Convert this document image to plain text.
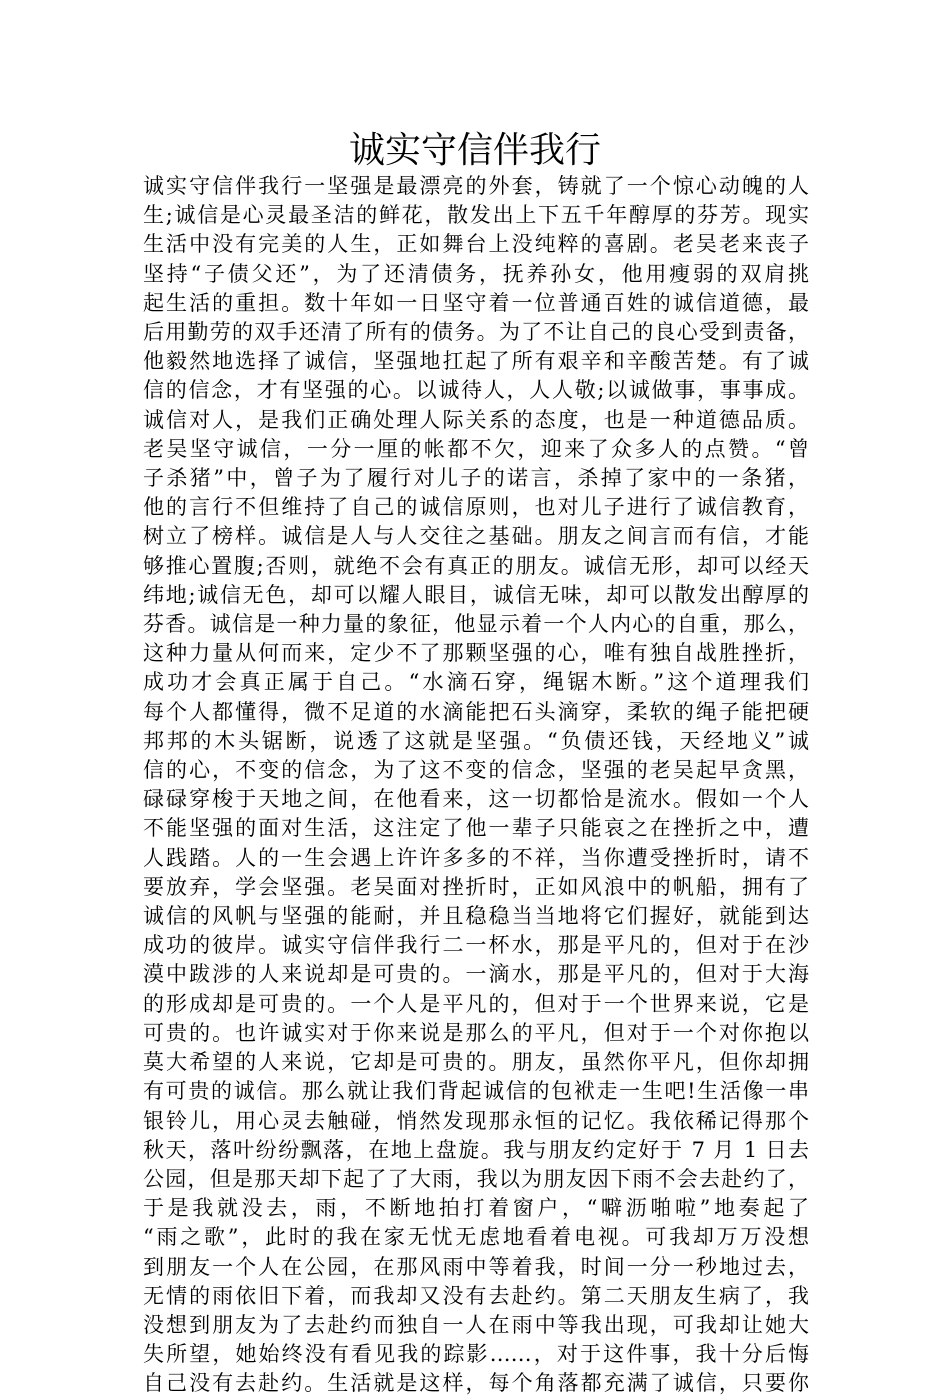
诚实守信伴我行
诚实守信伴我行一坚强是最漂亮的外套，铸就了一个惊心动魄的人
生;诚信是心灵最圣洁的鲜花，散发出上下五千年醇厚的芬芳。现实
生活中没有完美的人生，正如舞台上没纯粹的喜剧。老吴老来丧子
坚持“子债父还”，为了还清债务，抚养孙女，他用瘦弱的双肩挑
起生活的重担。数十年如一日坚守着一位普通百姓的诚信道德，最
后用勤劳的双手还清了所有的债务。为了不让自己的良心受到责备，
他毅然地选择了诚信，坚强地扛起了所有艰辛和辛酸苦楚。有了诚
信的信念，才有坚强的心。以诚待人，人人敬;以诚做事，事事成。
诚信对人，是我们正确处理人际关系的态度，也是一种道德品质。
老吴坚守诚信，一分一厘的帐都不欠，迎来了众多人的点赞。“曾
子杀猪”中，曾子为了履行对儿子的诺言，杀掉了家中的一条猪，
他的言行不但维持了自己的诚信原则，也对儿子进行了诚信教育，
树立了榜样。诚信是人与人交往之基础。朋友之间言而有信，才能
够推心置腹;否则，就绝不会有真正的朋友。诚信无形，却可以经天
纬地;诚信无色，却可以耀人眼目，诚信无味，却可以散发出醇厚的
芬香。诚信是一种力量的象征，他显示着一个人内心的自重，那么，
这种力量从何而来，定少不了那颗坚强的心，唯有独自战胜挫折，
成功才会真正属于自己。“水滴石穿，绳锯木断。”这个道理我们
每个人都懂得，微不足道的水滴能把石头滴穿，柔软的绳子能把硬
邦邦的木头锯断，说透了这就是坚强。“负债还钱，天经地义”诚
信的心，不变的信念，为了这不变的信念，坚强的老吴起早贪黑，
碌碌穿梭于天地之间，在他看来，这一切都恰是流水。假如一个人
不能坚强的面对生活，这注定了他一辈子只能哀之在挫折之中，遭
人践踏。人的一生会遇上许许多多的不祥，当你遭受挫折时，请不
要放弃，学会坚强。老吴面对挫折时，正如风浪中的帆船，拥有了
诚信的风帆与坚强的能耐，并且稳稳当当地将它们握好，就能到达
成功的彼岸。诚实守信伴我行二一杯水，那是平凡的，但对于在沙
漠中跋涉的人来说却是可贵的。一滴水，那是平凡的，但对于大海
的形成却是可贵的。一个人是平凡的，但对于一个世界来说，它是
可贵的。也许诚实对于你来说是那么的平凡，但对于一个对你抱以
莫大希望的人来说，它却是可贵的。朋友，虽然你平凡，但你却拥
有可贵的诚信。那么就让我们背起诚信的包袱走一生吧!生活像一串
银铃儿，用心灵去触碰，悄然发现那永恒的记忆。我依稀记得那个
秋天，落叶纷纷飘落，在地上盘旋。我与朋友约定好于 7 月 1 日去
公园，但是那天却下起了了大雨，我以为朋友因下雨不会去赴约了，
于是我就没去，雨，不断地拍打着窗户，“噼沥啪啦”地奏起了
“雨之歌”，此时的我在家无忧无虑地看着电视。可我却万万没想
到朋友一个人在公园，在那风雨中等着我，时间一分一秒地过去，
无情的雨依旧下着，而我却又没有去赴约。第二天朋友生病了，我
没想到朋友为了去赴约而独自一人在雨中等我出现，可我却让她大
失所望，她始终没有看见我的踪影……，对于这件事，我十分后悔
自己没有去赴约。生活就是这样，每个角落都充满了诚信，只要你
